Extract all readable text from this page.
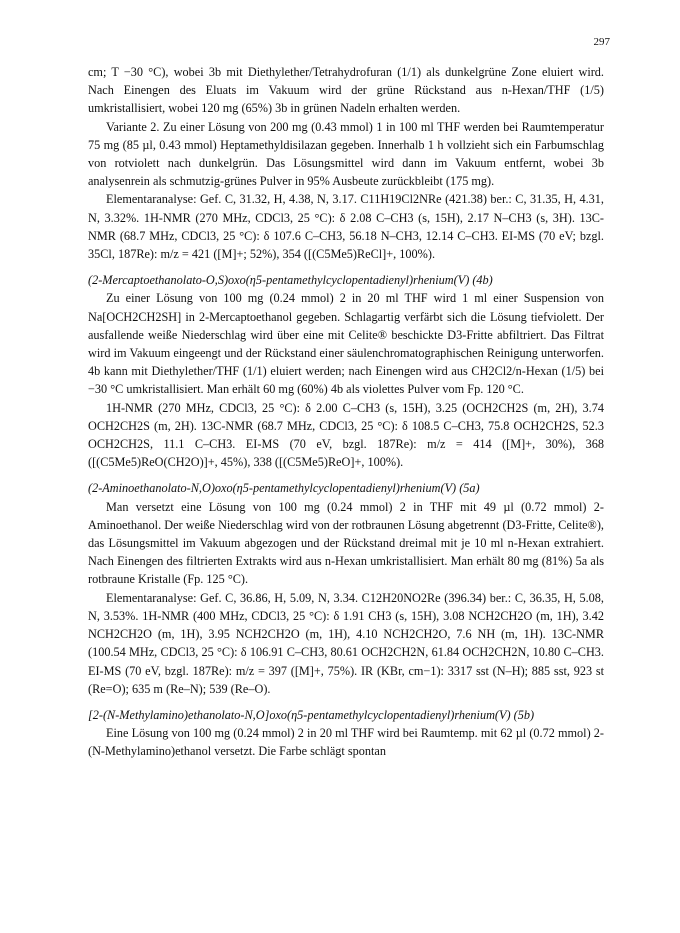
297

cm; T −30 °C), wobei 3b mit Diethylether/Tetrahydrofuran (1/1) als dunkelgrüne Zone eluiert wird. Nach Einengen des Eluats im Vakuum wird der grüne Rückstand aus n-Hexan/THF (1/5) umkristallisiert, wobei 120 mg (65%) 3b in grünen Nadeln erhalten werden.

Variante 2. Zu einer Lösung von 200 mg (0.43 mmol) 1 in 100 ml THF werden bei Raumtemperatur 75 mg (85 µl, 0.43 mmol) Heptamethyldisilazan gegeben. Innerhalb 1 h vollzieht sich ein Farbumschlag von rotviolett nach dunkelgrün. Das Lösungsmittel wird dann im Vakuum entfernt, wobei 3b analysenrein als schmutzig-grünes Pulver in 95% Ausbeute zurückbleibt (175 mg).

Elementaranalyse: Gef. C, 31.32, H, 4.38, N, 3.17. C11H19Cl2NRe (421.38) ber.: C, 31.35, H, 4.31, N, 3.32%. 1H-NMR (270 MHz, CDCl3, 25 °C): δ 2.08 C–CH3 (s, 15H), 2.17 N–CH3 (s, 3H). 13C-NMR (68.7 MHz, CDCl3, 25 °C): δ 107.6 C–CH3, 56.18 N–CH3, 12.14 C–CH3. EI-MS (70 eV; bzgl. 35Cl, 187Re): m/z = 421 ([M]+; 52%), 354 ([(C5Me5)ReCl]+, 100%).

(2-Mercaptoethanolato-O,S)oxo(η5-pentamethylcyclopentadienyl)rhenium(V) (4b)

Zu einer Lösung von 100 mg (0.24 mmol) 2 in 20 ml THF wird 1 ml einer Suspension von Na[OCH2CH2SH] in 2-Mercaptoethanol gegeben. Schlagartig verfärbt sich die Lösung tiefviolett. Der ausfallende weiße Niederschlag wird über eine mit Celite® beschickte D3-Fritte abfiltriert. Das Filtrat wird im Vakuum eingeengt und der Rückstand einer säulenchromatographischen Reinigung unterworfen. 4b kann mit Diethylether/THF (1/1) eluiert werden; nach Einengen wird aus CH2Cl2/n-Hexan (1/5) bei −30 °C umkristallisiert. Man erhält 60 mg (60%) 4b als violettes Pulver vom Fp. 120 °C.

1H-NMR (270 MHz, CDCl3, 25 °C): δ 2.00 C–CH3 (s, 15H), 3.25 (OCH2CH2S (m, 2H), 3.74 OCH2CH2S (m, 2H). 13C-NMR (68.7 MHz, CDCl3, 25 °C): δ 108.5 C–CH3, 75.8 OCH2CH2S, 52.3 OCH2CH2S, 11.1 C–CH3. EI-MS (70 eV, bzgl. 187Re): m/z = 414 ([M]+, 30%), 368 ([(C5Me5)ReO(CH2O)]+, 45%), 338 ([(C5Me5)ReO]+, 100%).

(2-Aminoethanolato-N,O)oxo(η5-pentamethylcyclopentadienyl)rhenium(V) (5a)

Man versetzt eine Lösung von 100 mg (0.24 mmol) 2 in THF mit 49 µl (0.72 mmol) 2-Aminoethanol. Der weiße Niederschlag wird von der rotbraunen Lösung abgetrennt (D3-Fritte, Celite®), das Lösungsmittel im Vakuum abgezogen und der Rückstand dreimal mit je 10 ml n-Hexan extrahiert. Nach Einengen des filtrierten Extrakts wird aus n-Hexan umkristallisiert. Man erhält 80 mg (81%) 5a als rotbraune Kristalle (Fp. 125 °C).

Elementaranalyse: Gef. C, 36.86, H, 5.09, N, 3.34. C12H20NO2Re (396.34) ber.: C, 36.35, H, 5.08, N, 3.53%. 1H-NMR (400 MHz, CDCl3, 25 °C): δ 1.91 CH3 (s, 15H), 3.08 NCH2CH2O (m, 1H), 3.42 NCH2CH2O (m, 1H), 3.95 NCH2CH2O (m, 1H), 4.10 NCH2CH2O, 7.6 NH (m, 1H). 13C-NMR (100.54 MHz, CDCl3, 25 °C): δ 106.91 C–CH3, 80.61 OCH2CH2N, 61.84 OCH2CH2N, 10.80 C–CH3. EI-MS (70 eV, bzgl. 187Re): m/z = 397 ([M]+, 75%). IR (KBr, cm−1): 3317 sst (N–H); 885 sst, 923 st (Re=O); 635 m (Re–N); 539 (Re–O).

[2-(N-Methylamino)ethanolato-N,O]oxo(η5-pentamethylcyclopentadienyl)rhenium(V) (5b)

Eine Lösung von 100 mg (0.24 mmol) 2 in 20 ml THF wird bei Raumtemp. mit 62 µl (0.72 mmol) 2-(N-Methylamino)ethanol versetzt. Die Farbe schlägt spontan
